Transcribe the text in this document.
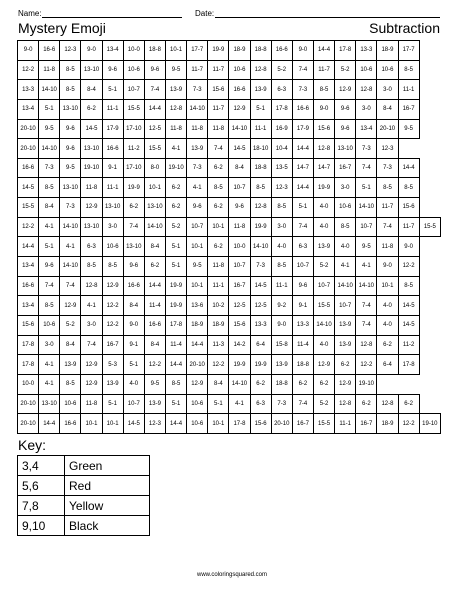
Name:	Date:
Mystery Emoji	Subtraction
9-0	16-6	12-3	9-0	13-4	10-0	18-8	10-1	17-7	19-9	18-9	18-8	16-6	9-0	14-4	17-8	13-3	18-9	17-7	
12-2	11-8	8-5	13-10	9-6	10-6	9-6	9-5	11-7	11-7	10-6	12-8	5-2	7-4	11-7	5-2	10-6	10-6	8-5	
13-3	14-10	8-5	8-4	5-1	10-7	7-4	13-9	7-3	15-6	16-6	13-9	6-3	7-3	8-5	12-9	12-8	3-0	11-1	
13-4	5-1	13-10	6-2	11-1	15-5	14-4	12-8	14-10	11-7	12-9	5-1	17-8	16-6	9-0	9-6	3-0	8-4	16-7	
20-10	9-5	9-6	14-5	17-9	17-10	12-5	11-8	11-8	11-8	14-10	11-1	16-9	17-9	15-6	9-6	13-4	20-10	9-5	
20-10	14-10	9-6	13-10	16-6	11-2	15-5	4-1	13-9	7-4	14-5	18-10	10-4	14-4	12-8	13-10	7-3	12-3		
16-6	7-3	9-5	19-10	9-1	17-10	8-0	19-10	7-3	6-2	8-4	18-8	13-5	14-7	14-7	16-7	7-4	7-3	14-4	
14-5	8-5	13-10	11-8	11-1	19-9	10-1	6-2	4-1	8-5	10-7	8-5	12-3	14-4	19-9	3-0	5-1	8-5	8-5	
15-5	8-4	7-3	12-9	13-10	6-2	13-10	6-2	9-6	6-2	9-6	12-8	8-5	5-1	4-0	10-6	14-10	11-7	15-6	
12-2	4-1	14-10	13-10	3-0	7-4	14-10	5-2	10-7	10-1	11-8	19-9	3-0	7-4	4-0	8-5	10-7	7-4	11-7	15-5
14-4	5-1	4-1	6-3	10-6	13-10	8-4	5-1	10-1	6-2	10-0	14-10	4-0	6-3	13-9	4-0	9-5	11-8	9-0	
13-4	9-6	14-10	8-5	8-5	9-6	6-2	5-1	9-5	11-8	10-7	7-3	8-5	10-7	5-2	4-1	4-1	9-0	12-2	
16-6	7-4	7-4	12-8	12-9	16-6	14-4	19-9	10-1	11-1	16-7	14-5	11-1	9-6	10-7	14-10	14-10	10-1	8-5	
13-4	8-5	12-9	4-1	12-2	8-4	11-4	19-9	13-6	10-2	12-5	12-5	9-2	9-1	15-5	10-7	7-4	4-0	14-5	
15-6	10-6	5-2	3-0	12-2	9-0	16-6	17-8	18-9	18-9	15-6	13-3	9-0	13-3	14-10	13-9	7-4	4-0	14-5	
17-8	3-0	8-4	7-4	16-7	9-1	8-4	11-4	14-4	11-3	14-2	6-4	15-8	11-4	4-0	13-9	12-8	6-2	11-2	
17-8	4-1	13-9	12-9	5-3	5-1	12-2	14-4	20-10	12-2	19-9	19-9	13-9	18-8	12-9	6-2	12-2	6-4	17-8	
10-0	4-1	8-5	12-9	13-9	4-0	9-5	8-5	12-9	8-4	14-10	6-2	18-8	6-2	6-2	12-9	19-10			
20-10	13-10	10-6	11-8	5-1	10-7	13-9	5-1	10-6	5-1	4-1	6-3	7-3	7-4	5-2	12-8	6-2	12-8	6-2	
20-10	14-4	16-6	10-1	10-1	14-5	12-3	14-4	10-6	10-1	17-8	15-6	20-10	16-7	15-5	11-1	16-7	18-9	12-2	19-10
Key:
3,4	Green
5,6	Red
7,8	Yellow
9,10	Black
www.coloringsquared.com
